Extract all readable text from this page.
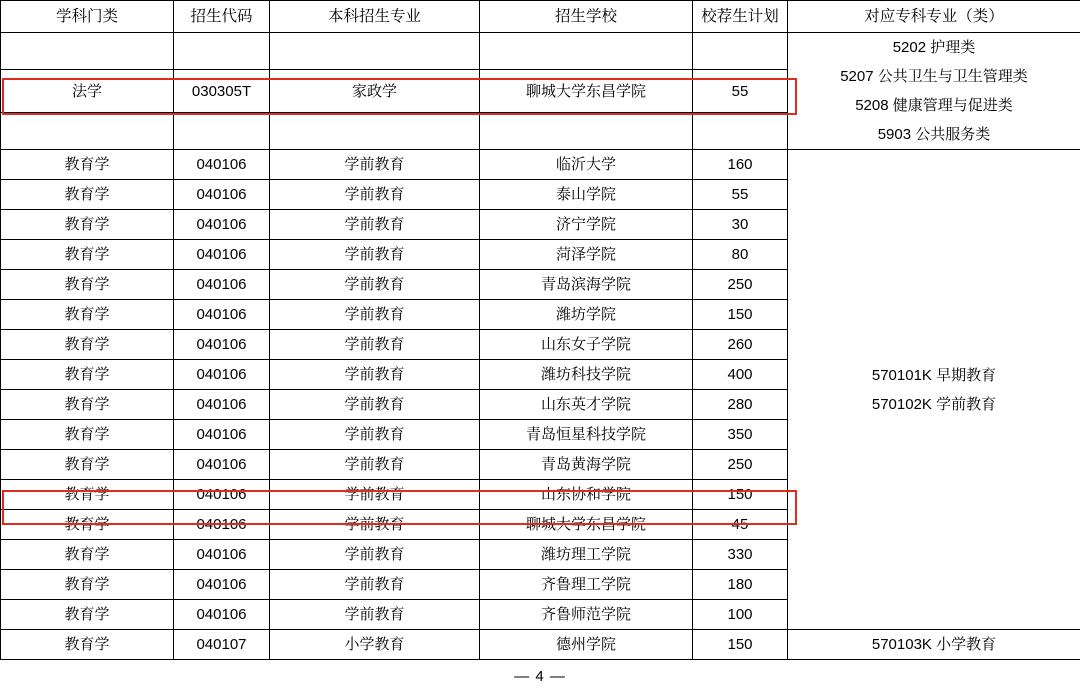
学科门类	招生代码	本科招生专业	招生学校	校荐生计划	对应专科专业（类）

					5202 护理类
5207 公共卫生与卫生管理类
5208 健康管理与促进类
5903 公共服务类

法学	030305T	家政学	聊城大学东昌学院	55	

教育学	040106	学前教育	临沂大学	160	570101K 早期教育
570102K 学前教育

教育学	040106	学前教育	泰山学院	55	
教育学	040106	学前教育	济宁学院	30	
教育学	040106	学前教育	菏泽学院	80	
教育学	040106	学前教育	青岛滨海学院	250	
教育学	040106	学前教育	潍坊学院	150	
教育学	040106	学前教育	山东女子学院	260	
教育学	040106	学前教育	潍坊科技学院	400	
教育学	040106	学前教育	山东英才学院	280	
教育学	040106	学前教育	青岛恒星科技学院	350	
教育学	040106	学前教育	青岛黄海学院	250	
教育学	040106	学前教育	山东协和学院	150	
教育学	040106	学前教育	聊城大学东昌学院	45	
教育学	040106	学前教育	潍坊理工学院	330	
教育学	040106	学前教育	齐鲁理工学院	180	
教育学	040106	学前教育	齐鲁师范学院	100	
教育学	040107	小学教育	德州学院	150	570103K 小学教育
— 4 —
